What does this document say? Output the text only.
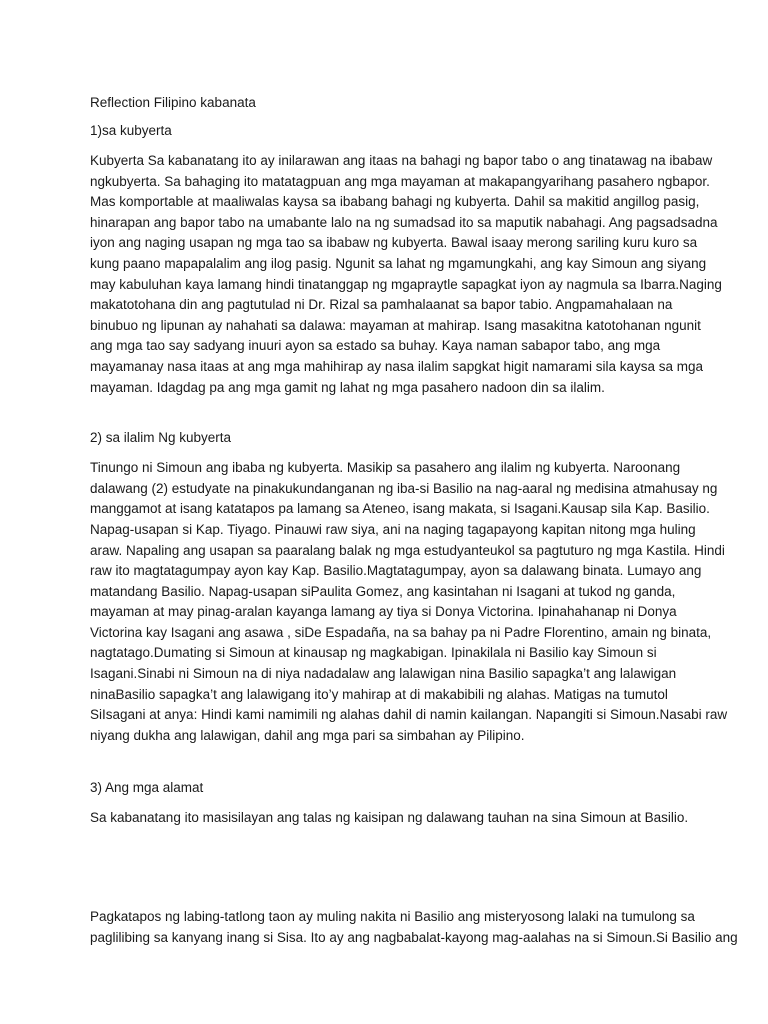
Reflection Filipino kabanata
1)sa kubyerta
Kubyerta Sa kabanatang ito ay inilarawan ang itaas na bahagi ng bapor tabo o ang tinatawag na ibabaw
ngkubyerta. Sa bahaging ito matatagpuan ang mga mayaman at makapangyarihang pasahero ngbapor.
Mas komportable at maaliwalas kaysa sa ibabang bahagi ng kubyerta. Dahil sa makitid angillog pasig,
hinarapan ang bapor tabo na umabante lalo na ng sumadsad ito sa maputik nabahagi. Ang pagsadsadna
iyon ang naging usapan ng mga tao sa ibabaw ng kubyerta. Bawal isaay merong sariling kuru kuro sa
kung paano mapapalalim ang ilog pasig. Ngunit sa lahat ng mgamungkahi, ang kay Simoun ang siyang
may kabuluhan kaya lamang hindi tinatanggap ng mgapraytle sapagkat iyon ay nagmula sa Ibarra.Naging
makatotohana din ang pagtutulad ni Dr. Rizal sa pamhalaanat sa bapor tabio. Angpamahalaan na
binubuo ng lipunan ay nahahati sa dalawa: mayaman at mahirap. Isang masakitna katotohanan ngunit
ang mga tao say sadyang inuuri ayon sa estado sa buhay. Kaya naman sabapor tabo, ang mga
mayamanay nasa itaas at ang mga mahihirap ay nasa ilalim sapgkat higit namarami sila kaysa sa mga
mayaman. Idagdag pa ang mga gamit ng lahat ng mga pasahero nadoon din sa ilalim.
2) sa ilalim Ng kubyerta
Tinungo ni Simoun ang ibaba ng kubyerta. Masikip sa pasahero ang ilalim ng kubyerta. Naroonang
dalawang (2) estudyate na pinakukundanganan ng iba-si Basilio na nag-aaral ng medisina atmahusay ng
manggamot at isang katatapos pa lamang sa Ateneo, isang makata, si Isagani.Kausap sila Kap. Basilio.
Napag-usapan si Kap. Tiyago. Pinauwi raw siya, ani na naging tagapayong kapitan nitong mga huling
araw. Napaling ang usapan sa paaralang balak ng mga estudyanteukol sa pagtuturo ng mga Kastila. Hindi
raw ito magtatagumpay ayon kay Kap. Basilio.Magtatagumpay, ayon sa dalawang binata. Lumayo ang
matandang Basilio. Napag-usapan siPaulita Gomez, ang kasintahan ni Isagani at tukod ng ganda,
mayaman at may pinag-aralan kayanga lamang ay tiya si Donya Victorina. Ipinahahanap ni Donya
Victorina kay Isagani ang asawa , siDe Espadaña, na sa bahay pa ni Padre Florentino, amain ng binata,
nagtatago.Dumating si Simoun at kinausap ng magkabigan. Ipinakilala ni Basilio kay Simoun si
Isagani.Sinabi ni Simoun na di niya nadadalaw ang lalawigan nina Basilio sapagka’t ang lalawigan
ninaBasilio sapagka’t ang lalawigang ito’y mahirap at di makabibili ng alahas. Matigas na tumutol
SiIsagani at anya: Hindi kami namimili ng alahas dahil di namin kailangan. Napangiti si Simoun.Nasabi raw
niyang dukha ang lalawigan, dahil ang mga pari sa simbahan ay Pilipino.
3) Ang mga alamat
Sa kabanatang ito masisilayan ang talas ng kaisipan ng dalawang tauhan na sina Simoun at Basilio.
Pagkatapos ng labing-tatlong taon ay muling nakita ni Basilio ang misteryosong lalaki na tumulong sa
paglilibing sa kanyang inang si Sisa. Ito ay ang nagbabalat-kayong mag-aalahas na si Simoun.Si Basilio ang
